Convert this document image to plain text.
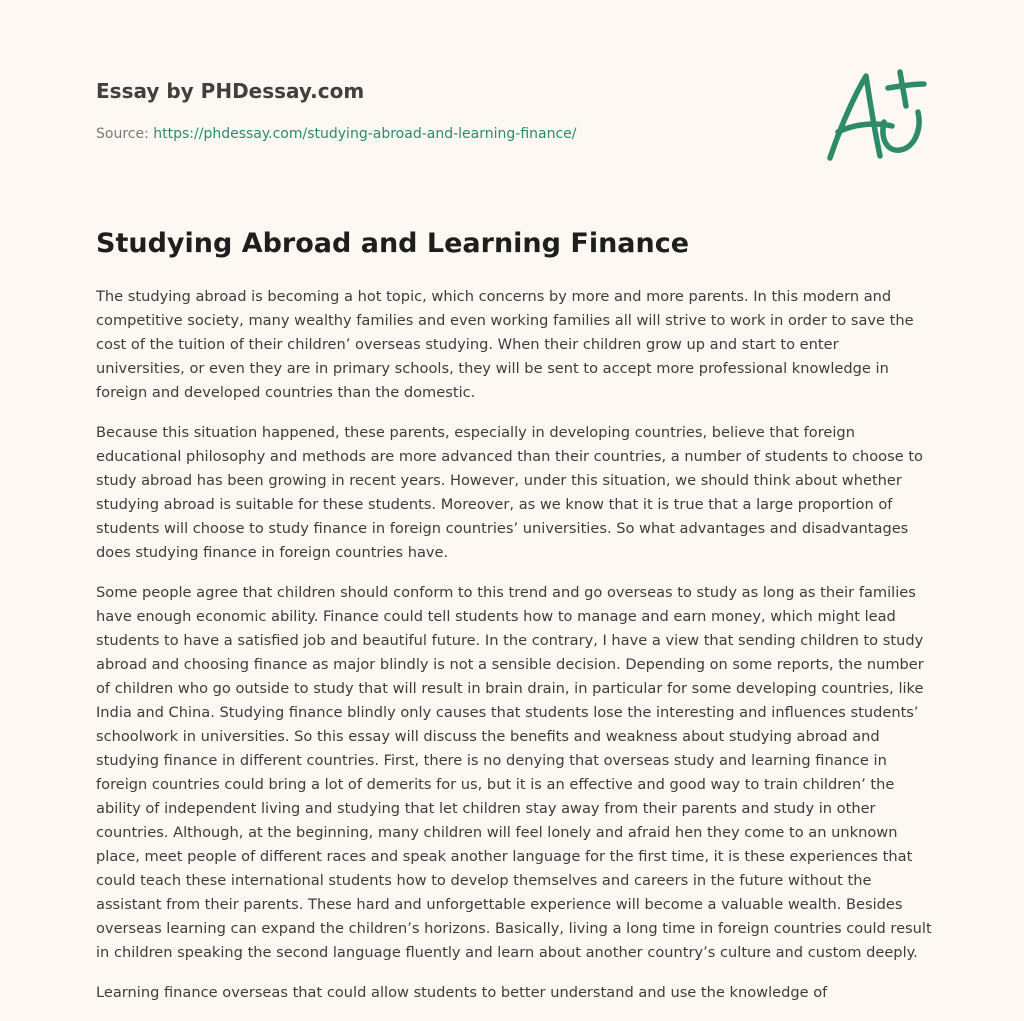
Essay by PHDessay.com
Source: https://phdessay.com/studying-abroad-and-learning-finance/
Studying Abroad and Learning Finance

The studying abroad is becoming a hot topic, which concerns by more and more parents. In this modern and competitive society, many wealthy families and even working families all will strive to work in order to save the cost of the tuition of their children’ overseas studying. When their children grow up and start to enter universities, or even they are in primary schools, they will be sent to accept more professional knowledge in foreign and developed countries than the domestic.

Because this situation happened, these parents, especially in developing countries, believe that foreign educational philosophy and methods are more advanced than their countries, a number of students to choose to study abroad has been growing in recent years. However, under this situation, we should think about whether studying abroad is suitable for these students. Moreover, as we know that it is true that a large proportion of students will choose to study finance in foreign countries’ universities. So what advantages and disadvantages does studying finance in foreign countries have.

Some people agree that children should conform to this trend and go overseas to study as long as their families have enough economic ability. Finance could tell students how to manage and earn money, which might lead students to have a satisfied job and beautiful future. In the contrary, I have a view that sending children to study abroad and choosing finance as major blindly is not a sensible decision. Depending on some reports, the number of children who go outside to study that will result in brain drain, in particular for some developing countries, like India and China. Studying finance blindly only causes that students lose the interesting and influences students’ schoolwork in universities. So this essay will discuss the benefits and weakness about studying abroad and studying finance in different countries. First, there is no denying that overseas study and learning finance in foreign countries could bring a lot of demerits for us, but it is an effective and good way to train children’ the ability of independent living and studying that let children stay away from their parents and study in other countries. Although, at the beginning, many children will feel lonely and afraid hen they come to an unknown place, meet people of different races and speak another language for the first time, it is these experiences that could teach these international students how to develop themselves and careers in the future without the assistant from their parents. These hard and unforgettable experience will become a valuable wealth. Besides overseas learning can expand the children’s horizons. Basically, living a long time in foreign countries could result in children speaking the second language fluently and learn about another country’s culture and custom deeply.

Learning finance overseas that could allow students to better understand and use the knowledge of
